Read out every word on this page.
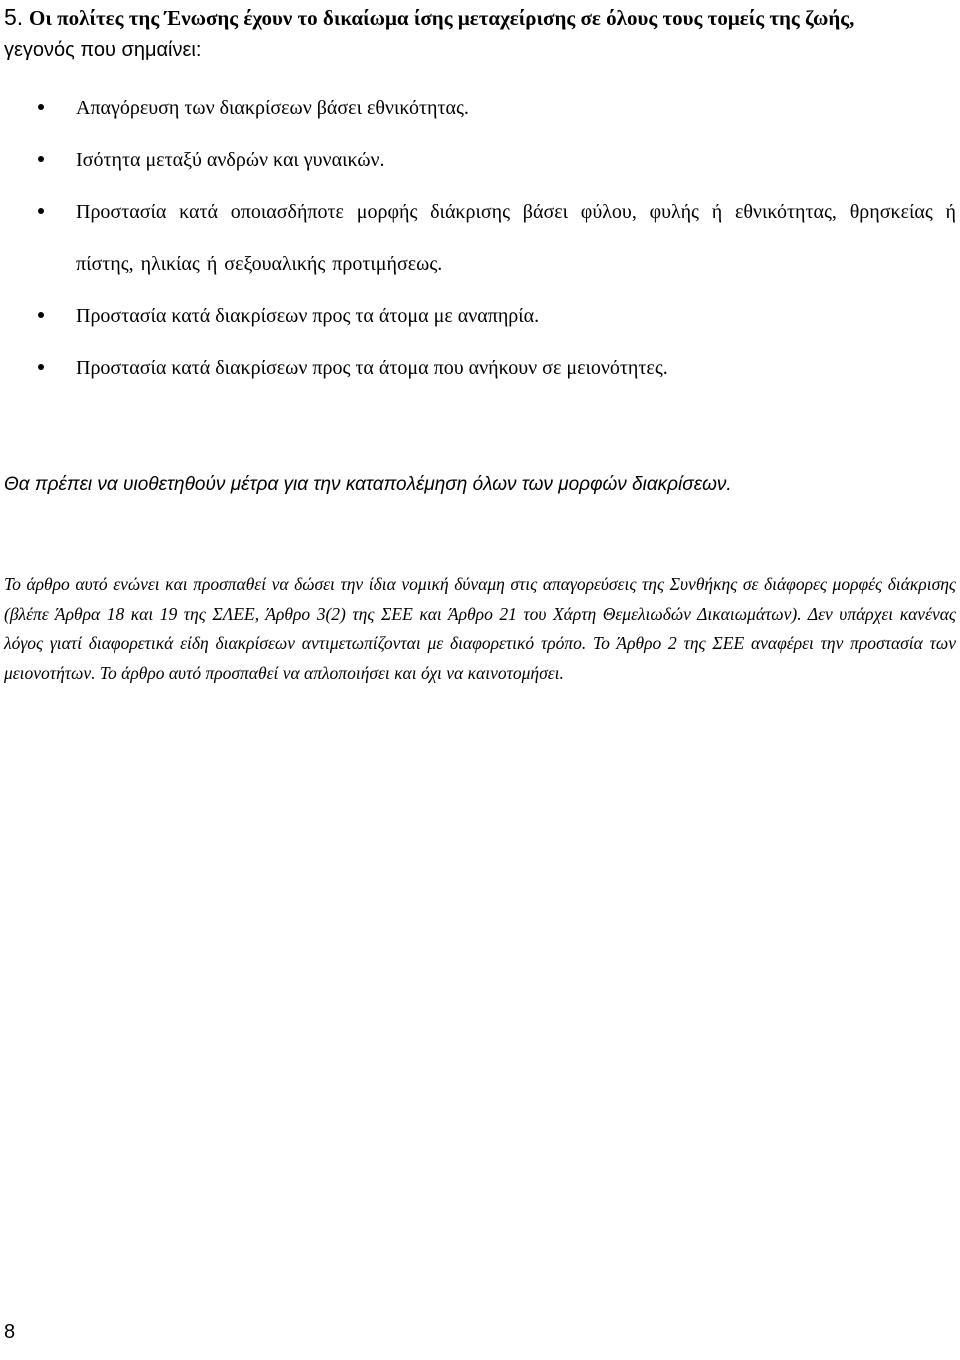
5. Οι πολίτες της Ένωσης έχουν το δικαίωμα ίσης μεταχείρισης σε όλους τους τομείς της ζωής,
γεγονός που σημαίνει:
Απαγόρευση των διακρίσεων βάσει εθνικότητας.
Ισότητα μεταξύ ανδρών και γυναικών.
Προστασία κατά οποιασδήποτε μορφής διάκρισης βάσει φύλου, φυλής ή εθνικότητας, θρησκείας ή πίστης, ηλικίας ή σεξουαλικής προτιμήσεως.
Προστασία κατά διακρίσεων προς τα άτομα με αναπηρία.
Προστασία κατά διακρίσεων προς τα άτομα που ανήκουν σε μειονότητες.

Θα πρέπει να υιοθετηθούν μέτρα για την καταπολέμηση όλων των μορφών διακρίσεων.

Το άρθρο αυτό ενώνει και προσπαθεί να δώσει την ίδια νομική δύναμη στις απαγορεύσεις της Συνθήκης σε διάφορες μορφές διάκρισης (βλέπε Άρθρα 18 και 19 της ΣΛΕΕ, Άρθρο 3(2) της ΣΕΕ και Άρθρο 21 του Χάρτη Θεμελιωδών Δικαιωμάτων). Δεν υπάρχει κανένας λόγος γιατί διαφορετικά είδη διακρίσεων αντιμετωπίζονται με διαφορετικό τρόπο. Το Άρθρο 2 της ΣΕΕ αναφέρει την προστασία των μειονοτήτων. Το άρθρο αυτό προσπαθεί να απλοποιήσει και όχι να καινοτομήσει.

8
